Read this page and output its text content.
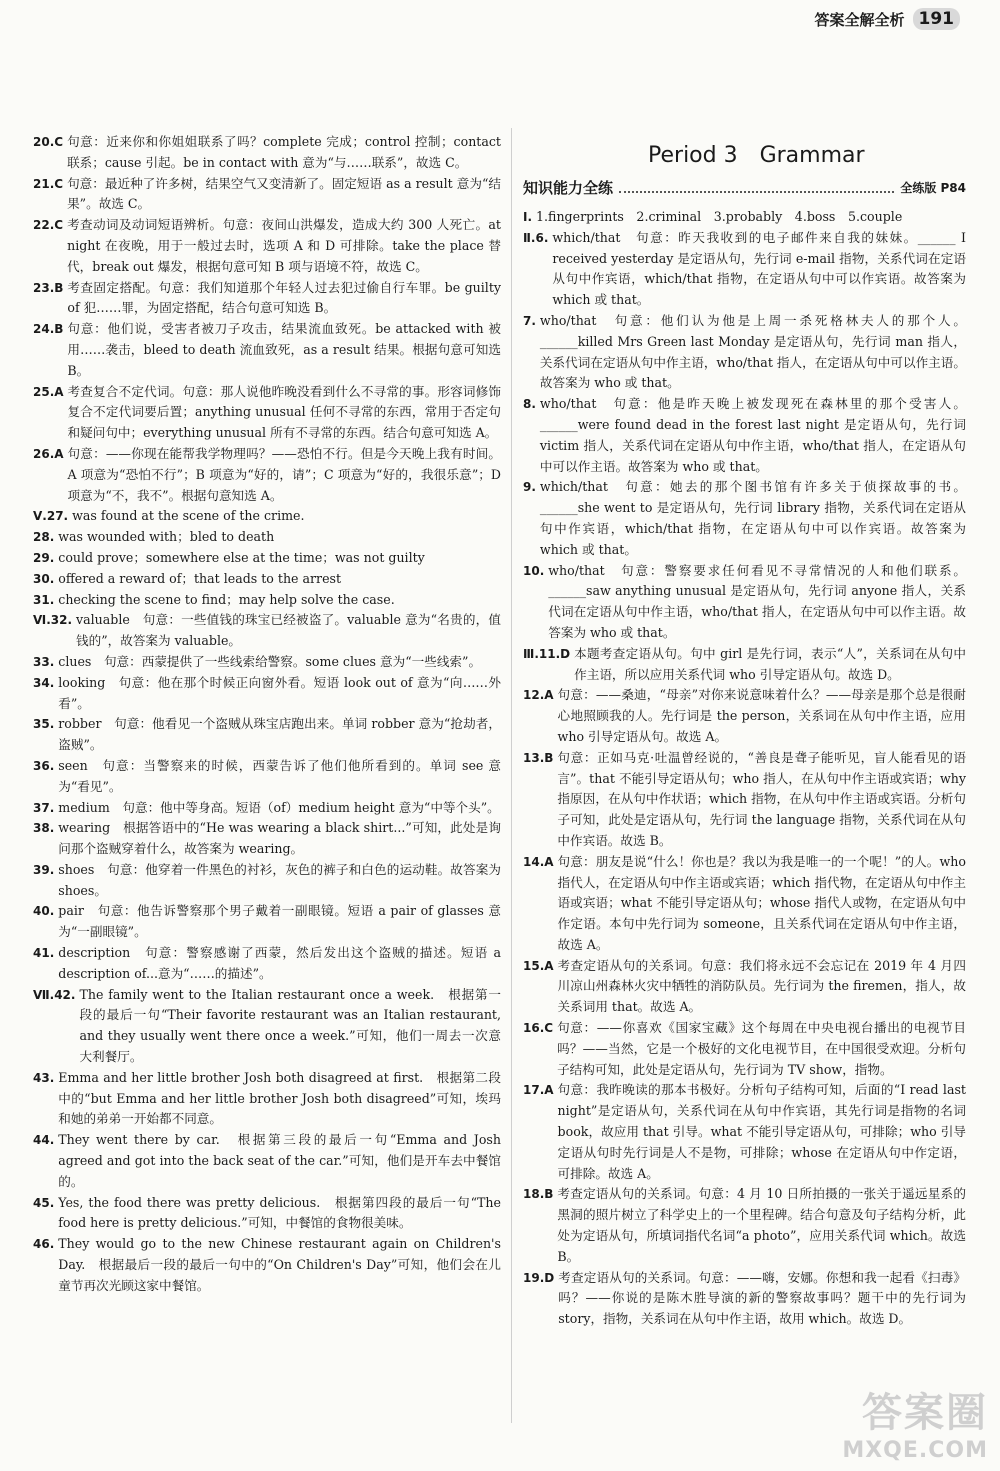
答案全解全析 191
20.C 句意：近来你和你姐姐联系了吗？complete 完成；control 控制；contact 联系；cause 引起。be in contact with 意为“与……联系”，故选 C。
21.C 句意：最近种了许多树，结果空气又变清新了。固定短语 as a result 意为“结果”。故选 C。
22.C 考查动词及动词短语辨析。句意：夜间山洪爆发，造成大约 300 人死亡。at night 在夜晚，用于一般过去时，选项 A 和 D 可排除。take the place 替代，break out 爆发，根据句意可知 B 项与语境不符，故选 C。
23.B 考查固定搭配。句意：我们知道那个年轻人过去犯过偷自行车罪。be guilty of 犯……罪，为固定搭配，结合句意可知选 B。
24.B 句意：他们说，受害者被刀子攻击，结果流血致死。be attacked with 被用……袭击，bleed to death 流血致死，as a result 结果。根据句意可知选 B。
25.A 考查复合不定代词。句意：那人说他昨晚没看到什么不寻常的事。形容词修饰复合不定代词要后置；anything unusual 任何不寻常的东西，常用于否定句和疑问句中；everything unusual 所有不寻常的东西。结合句意可知选 A。
26.A 句意：——你现在能帮我学物理吗？——恐怕不行。但是今天晚上我有时间。A 项意为“恐怕不行”；B 项意为“好的，请”；C 项意为“好的，我很乐意”；D 项意为“不，我不”。根据句意知选 A。
Ⅴ.27. was found at the scene of the crime.
28. was wounded with；bled to death
29. could prove；somewhere else at the time；was not guilty
30. offered a reward of；that leads to the arrest
31. checking the scene to find；may help solve the case.
Ⅵ.32. valuable　句意：一些值钱的珠宝已经被盗了。valuable 意为“名贵的，值钱的”，故答案为 valuable。
33. clues　句意：西蒙提供了一些线索给警察。some clues 意为“一些线索”。
34. looking　句意：他在那个时候正向窗外看。短语 look out of 意为“向……外看”。
35. robber　句意：他看见一个盗贼从珠宝店跑出来。单词 robber 意为“抢劫者，盗贼”。
36. seen　句意：当警察来的时候，西蒙告诉了他们他所看到的。单词 see 意为“看见”。
37. medium　句意：他中等身高。短语（of）medium height 意为“中等个头”。
38. wearing　根据答语中的“He was wearing a black shirt...”可知，此处是询问那个盗贼穿着什么，故答案为 wearing。
39. shoes　句意：他穿着一件黑色的衬衫，灰色的裤子和白色的运动鞋。故答案为 shoes。
40. pair　句意：他告诉警察那个男子戴着一副眼镜。短语 a pair of glasses 意为“一副眼镜”。
41. description　句意：警察感谢了西蒙，然后发出这个盗贼的描述。短语 a description of...意为“……的描述”。
Ⅶ.42. The family went to the Italian restaurant once a week.　根据第一段的最后一句“Their favorite restaurant was an Italian restaurant, and they usually went there once a week.”可知，他们一周去一次意大利餐厅。
43. Emma and her little brother Josh both disagreed at first.　根据第二段中的“but Emma and her little brother Josh both disagreed”可知，埃玛和她的弟弟一开始都不同意。
44. They went there by car.　根据第三段的最后一句“Emma and Josh agreed and got into the back seat of the car.”可知，他们是开车去中餐馆的。
45. Yes, the food there was pretty delicious.　根据第四段的最后一句“The food here is pretty delicious.”可知，中餐馆的食物很美味。
46. They would go to the new Chinese restaurant again on Children's Day.　根据最后一段的最后一句中的“On Children's Day”可知，他们会在儿童节再次光顾这家中餐馆。
Period 3　Grammar
知识能力全练	全练版 P84
Ⅰ. 1.fingerprints　2.criminal　3.probably　4.boss　5.couple
Ⅱ.6. which/that　句意：昨天我收到的电子邮件来自我的妹妹。______ I received yesterday 是定语从句，先行词 e-mail 指物，关系代词在定语从句中作宾语，which/that 指物，在定语从句中可以作宾语。故答案为 which 或 that。
7. who/that　句意：他们认为他是上周一杀死格林夫人的那个人。______killed Mrs Green last Monday 是定语从句，先行词 man 指人，关系代词在定语从句中作主语，who/that 指人，在定语从句中可以作主语。故答案为 who 或 that。
8. who/that　句意：他是昨天晚上被发现死在森林里的那个受害人。______were found dead in the forest last night 是定语从句，先行词 victim 指人，关系代词在定语从句中作主语，who/that 指人，在定语从句中可以作主语。故答案为 who 或 that。
9. which/that　句意：她去的那个图书馆有许多关于侦探故事的书。______she went to 是定语从句，先行词 library 指物，关系代词在定语从句中作宾语，which/that 指物，在定语从句中可以作宾语。故答案为 which 或 that。
10. who/that　句意：警察要求任何看见不寻常情况的人和他们联系。______saw anything unusual 是定语从句，先行词 anyone 指人，关系代词在定语从句中作主语，who/that 指人，在定语从句中可以作主语。故答案为 who 或 that。
Ⅲ.11.D 本题考查定语从句。句中 girl 是先行词，表示“人”，关系词在从句中作主语，所以应用关系代词 who 引导定语从句。故选 D。
12.A 句意：——桑迪，“母亲”对你来说意味着什么？——母亲是那个总是很耐心地照顾我的人。先行词是 the person，关系词在从句中作主语，应用 who 引导定语从句。故选 A。
13.B 句意：正如马克·吐温曾经说的，“善良是聋子能听见，盲人能看见的语言”。that 不能引导定语从句；who 指人，在从句中作主语或宾语；why 指原因，在从句中作状语；which 指物，在从句中作主语或宾语。分析句子可知，此处是定语从句，先行词 the language 指物，关系代词在从句中作宾语。故选 B。
14.A 句意：朋友是说“什么！你也是？我以为我是唯一的一个呢！”的人。who 指代人，在定语从句中作主语或宾语；which 指代物，在定语从句中作主语或宾语；what 不能引导定语从句；whose 指代人或物，在定语从句中作定语。本句中先行词为 someone，且关系代词在定语从句中作主语，故选 A。
15.A 考查定语从句的关系词。句意：我们将永远不会忘记在 2019 年 4 月四川凉山州森林火灾中牺牲的消防队员。先行词为 the firemen，指人，故关系词用 that。故选 A。
16.C 句意：——你喜欢《国家宝藏》这个每周在中央电视台播出的电视节目吗？——当然，它是一个极好的文化电视节目，在中国很受欢迎。分析句子结构可知，此处是定语从句，先行词为 TV show，指物。
17.A 句意：我昨晚读的那本书极好。分析句子结构可知，后面的“I read last night”是定语从句，关系代词在从句中作宾语，其先行词是指物的名词 book，故应用 that 引导。what 不能引导定语从句，可排除；who 引导定语从句时先行词是人不是物，可排除；whose 在定语从句中作定语，可排除。故选 A。
18.B 考查定语从句的关系词。句意：4 月 10 日所拍摄的一张关于遥远星系的黑洞的照片树立了科学史上的一个里程碑。结合句意及句子结构分析，此处为定语从句，所填词指代名词“a photo”，应用关系代词 which。故选 B。
19.D 考查定语从句的关系词。句意：——嗨，安娜。你想和我一起看《扫毒》吗？——你说的是陈木胜导演的新的警察故事吗？题干中的先行词为 story，指物，关系词在从句中作主语，故用 which。故选 D。
答案圈
MXQE.COM
